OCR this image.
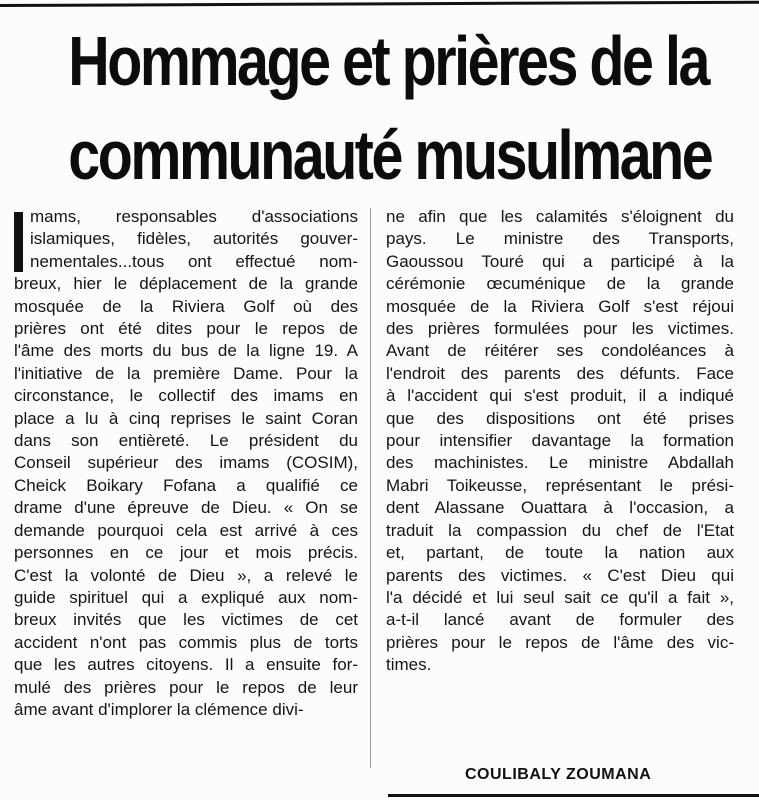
Hommage et prières de la
communauté musulmane
mams, responsables d'associations
islamiques, fidèles, autorités gouver-
nementales...tous ont effectué nom-
breux, hier le déplacement de la grande
mosquée de la Riviera Golf où des
prières ont été dites pour le repos de
l'âme des morts du bus de la ligne 19. A
l'initiative de la première Dame. Pour la
circonstance, le collectif des imams en
place a lu à cinq reprises le saint Coran
dans son entièreté. Le président du
Conseil supérieur des imams (COSIM),
Cheick Boikary Fofana a qualifié ce
drame d'une épreuve de Dieu. « On se
demande pourquoi cela est arrivé à ces
personnes en ce jour et mois précis.
C'est la volonté de Dieu », a relevé le
guide spirituel qui a expliqué aux nom-
breux invités que les victimes de cet
accident n'ont pas commis plus de torts
que les autres citoyens. Il a ensuite for-
mulé des prières pour le repos de leur
âme avant d'implorer la clémence divi-
ne afin que les calamités s'éloignent du
pays. Le ministre des Transports,
Gaoussou Touré qui a participé à la
cérémonie œcuménique de la grande
mosquée de la Riviera Golf s'est réjoui
des prières formulées pour les victimes.
Avant de réitérer ses condoléances à
l'endroit des parents des défunts. Face
à l'accident qui s'est produit, il a indiqué
que des dispositions ont été prises
pour intensifier davantage la formation
des machinistes. Le ministre Abdallah
Mabri Toikeusse, représentant le prési-
dent Alassane Ouattara à l'occasion, a
traduit la compassion du chef de l'Etat
et, partant, de toute la nation aux
parents des victimes. « C'est Dieu qui
l'a décidé et lui seul sait ce qu'il a fait »,
a-t-il lancé avant de formuler des
prières pour le repos de l'âme des vic-
times.
COULIBALY ZOUMANA
